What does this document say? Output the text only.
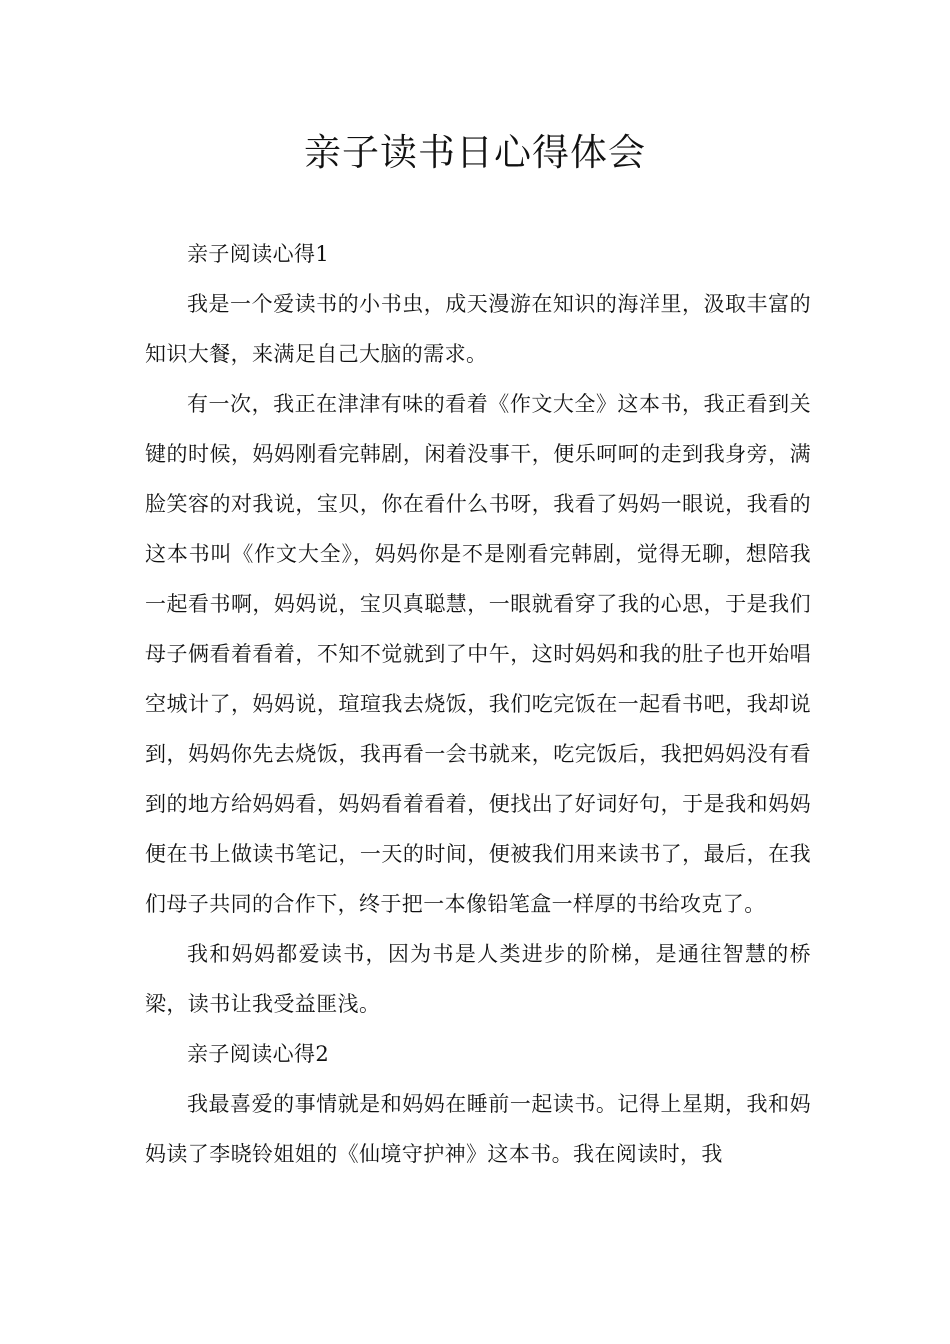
亲子读书日心得体会

亲子阅读心得1

我是一个爱读书的小书虫，成天漫游在知识的海洋里，汲取丰富的知识大餐，来满足自己大脑的需求。

有一次，我正在津津有味的看着《作文大全》这本书，我正看到关键的时候，妈妈刚看完韩剧，闲着没事干，便乐呵呵的走到我身旁，满脸笑容的对我说，宝贝，你在看什么书呀，我看了妈妈一眼说，我看的这本书叫《作文大全》，妈妈你是不是刚看完韩剧，觉得无聊，想陪我一起看书啊，妈妈说，宝贝真聪慧，一眼就看穿了我的心思，于是我们母子俩看着看着，不知不觉就到了中午，这时妈妈和我的肚子也开始唱空城计了，妈妈说，瑄瑄我去烧饭，我们吃完饭在一起看书吧，我却说到，妈妈你先去烧饭，我再看一会书就来，吃完饭后，我把妈妈没有看到的地方给妈妈看，妈妈看着看着，便找出了好词好句，于是我和妈妈便在书上做读书笔记，一天的时间，便被我们用来读书了，最后，在我们母子共同的合作下，终于把一本像铅笔盒一样厚的书给攻克了。

我和妈妈都爱读书，因为书是人类进步的阶梯，是通往智慧的桥梁，读书让我受益匪浅。

亲子阅读心得2

我最喜爱的事情就是和妈妈在睡前一起读书。记得上星期，我和妈妈读了李晓铃姐姐的《仙境守护神》这本书。我在阅读时，我
